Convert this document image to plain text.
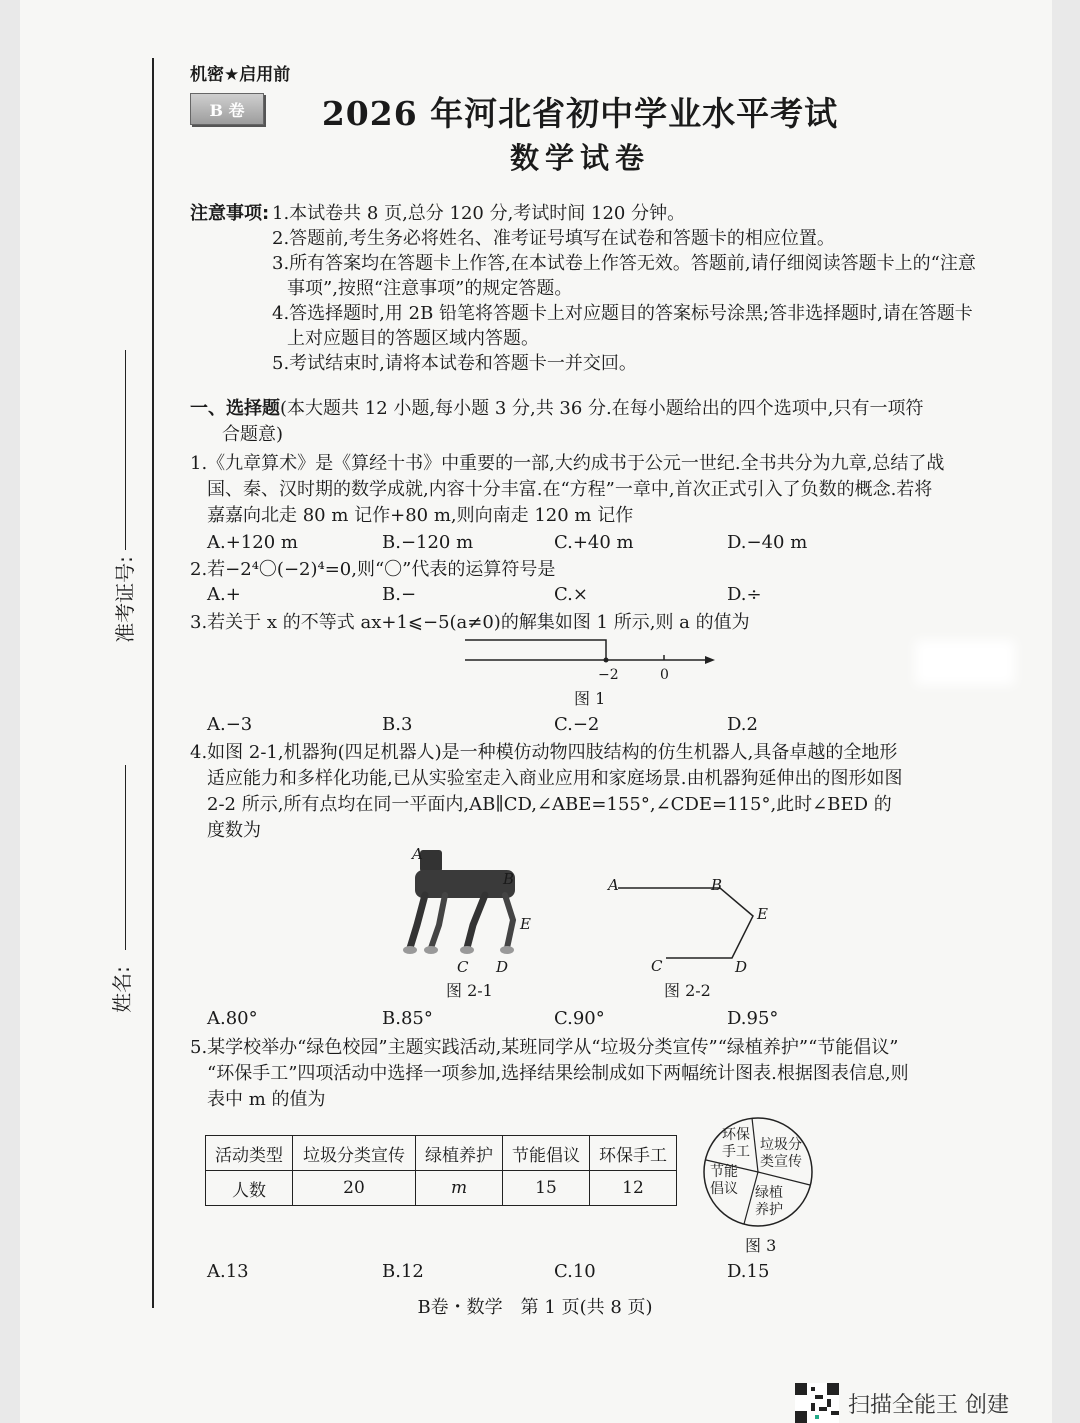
准考证号:
姓名:
机密★启用前
B 卷	2026 年河北省初中学业水平考试
数学试卷
注意事项: 1.本试卷共 8 页,总分 120 分,考试时间 120 分钟。
2.答题前,考生务必将姓名、准考证号填写在试卷和答题卡的相应位置。
3.所有答案均在答题卡上作答,在本试卷上作答无效。答题前,请仔细阅读答题卡上的“注意
事项”,按照“注意事项”的规定答题。
4.答选择题时,用 2B 铅笔将答题卡上对应题目的答案标号涂黑;答非选择题时,请在答题卡
上对应题目的答题区域内答题。
5.考试结束时,请将本试卷和答题卡一并交回。
一、选择题(本大题共 12 小题,每小题 3 分,共 36 分.在每小题给出的四个选项中,只有一项符
合题意)
1.《九章算术》是《算经十书》中重要的一部,大约成书于公元一世纪.全书共分为九章,总结了战
国、秦、汉时期的数学成就,内容十分丰富.在“方程”一章中,首次正式引入了负数的概念.若将
嘉嘉向北走 80 m 记作+80 m,则向南走 120 m 记作
A.+120 m	B.−120 m	C.+40 m	D.−40 m
2.若−2⁴〇(−2)⁴=0,则“〇”代表的运算符号是
A.+	B.−	C.×	D.÷
3.若关于 x 的不等式 ax+1⩽−5(a≠0)的解集如图 1 所示,则 a 的值为
−2	0
图 1
A.−3	B.3	C.−2	D.2
4.如图 2-1,机器狗(四足机器人)是一种模仿动物四肢结构的仿生机器人,具备卓越的全地形
适应能力和多样化功能,已从实验室走入商业应用和家庭场景.由机器狗延伸出的图形如图
2-2 所示,所有点均在同一平面内,AB∥CD,∠ABE=155°,∠CDE=115°,此时∠BED 的
度数为
A
B
E
C D
图 2-1
A	B
E
C	D
图 2-2
A.80°	B.85°	C.90°	D.95°
5.某学校举办“绿色校园”主题实践活动,某班同学从“垃圾分类宣传”“绿植养护”“节能倡议”
“环保手工”四项活动中选择一项参加,选择结果绘制成如下两幅统计图表.根据图表信息,则
表中 m 的值为
活动类型	垃圾分类宣传	绿植养护	节能倡议	环保手工
人数	20	m	15	12
环保手工 垃圾分类宣传
节能倡议 绿植养护
图 3
A.13	B.12	C.10	D.15
B卷・数学　第 1 页(共 8 页)
扫描全能王 创建
